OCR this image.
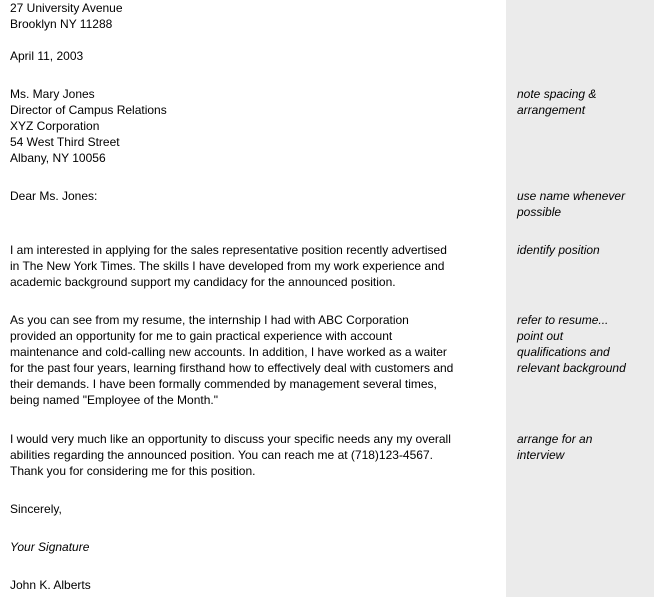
27 University Avenue
Brooklyn NY 11288
April 11, 2003
Ms. Mary Jones
Director of Campus Relations
XYZ Corporation
54 West Third Street
Albany, NY 10056
Dear Ms. Jones:
I am interested in applying for the sales representative position recently advertised
in The New York Times. The skills I have developed from my work experience and
academic background support my candidacy for the announced position.
As you can see from my resume, the internship I had with ABC Corporation
provided an opportunity for me to gain practical experience with account
maintenance and cold-calling new accounts. In addition, I have worked as a waiter
for the past four years, learning firsthand how to effectively deal with customers and
their demands. I have been formally commended by management several times,
being named "Employee of the Month."
I would very much like an opportunity to discuss your specific needs any my overall
abilities regarding the announced position. You can reach me at (718)123-4567.
Thank you for considering me for this position.
Sincerely,
Your Signature
John K. Alberts
note spacing &
arrangement
use name whenever
possible
identify position
refer to resume...
point out
qualifications and
relevant background
arrange for an
interview
